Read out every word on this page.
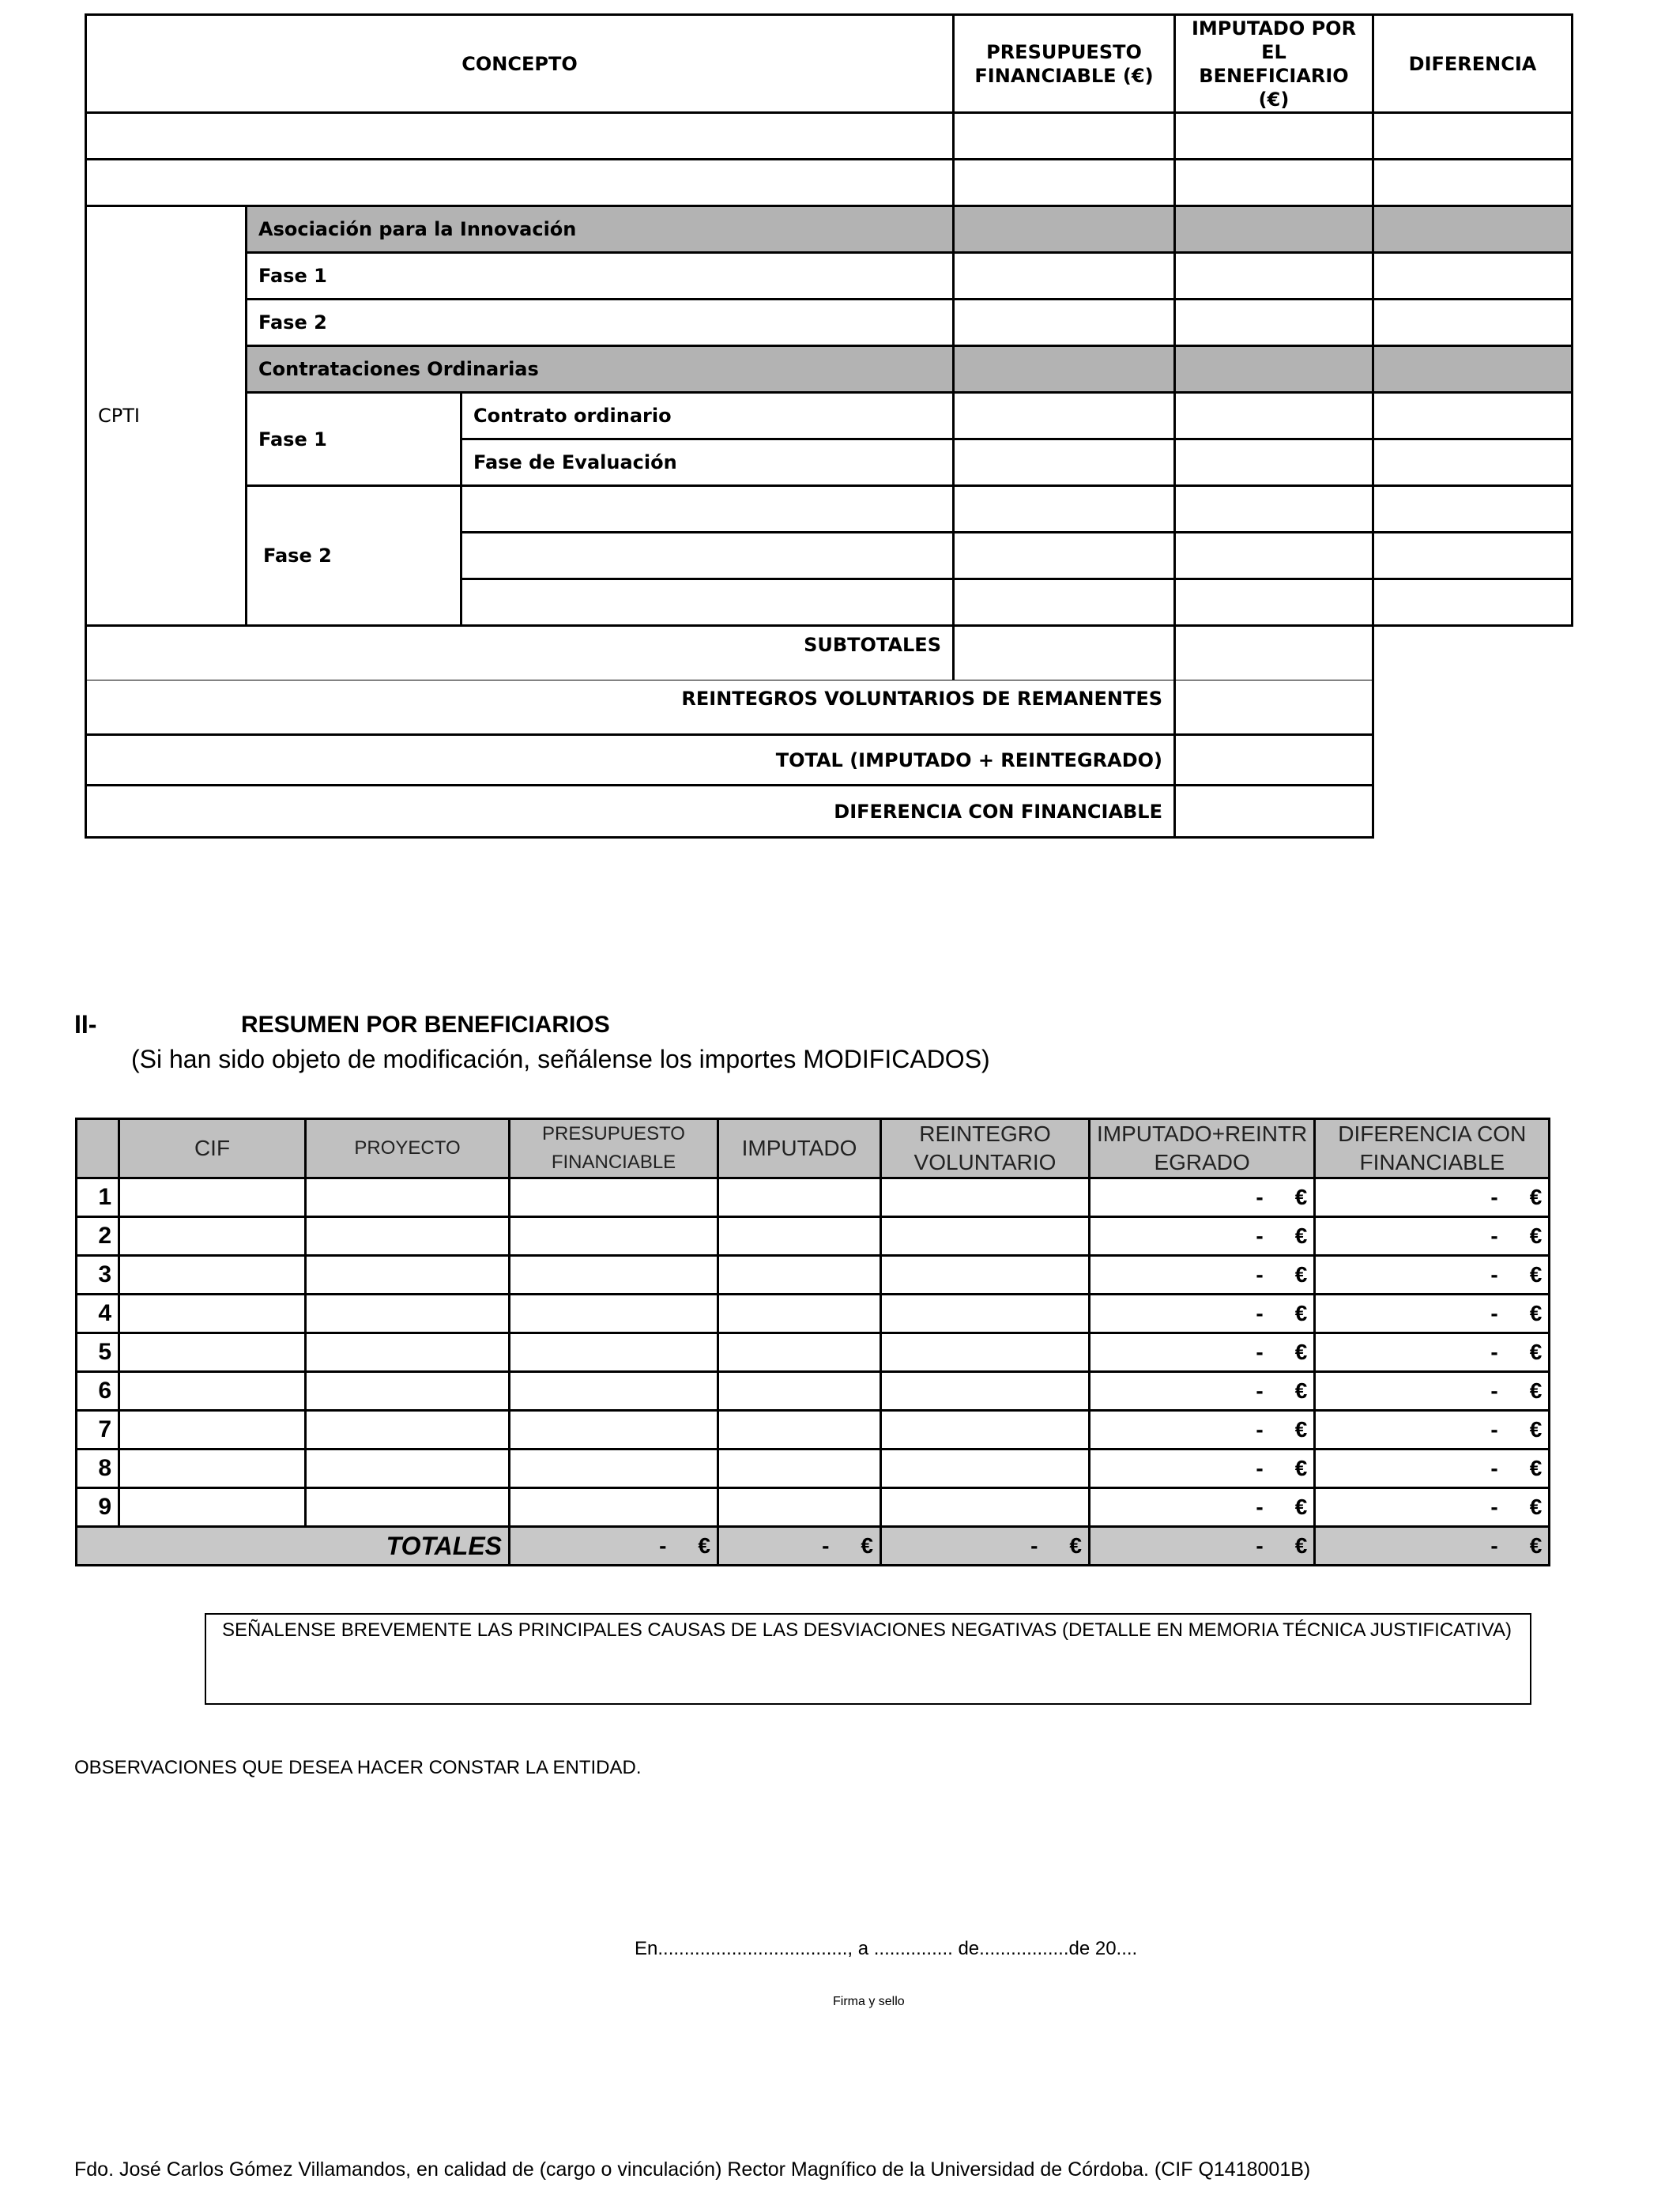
CONCEPTO			PRESUPUESTO FINANCIABLE (€)	IMPUTADO POR EL BENEFICIARIO (€)	DIFERENCIA

CPTI	Asociación para la Innovación				
	Fase 1				
	Fase 2				
	Contrataciones Ordinarias				
	Fase 1	Contrato ordinario			
		Fase de Evaluación			
	Fase 2				

SUBTOTALES					
REINTEGROS VOLUNTARIOS DE REMANENTES					
TOTAL (IMPUTADO + REINTEGRADO)					
DIFERENCIA CON FINANCIABLE					
II-	RESUMEN POR BENEFICIARIOS
(Si han sido objeto de modificación, señálense los importes MODIFICADOS)
	CIF	PROYECTO	PRESUPUESTO FINANCIABLE	IMPUTADO	REINTEGRO VOLUNTARIO	IMPUTADO+REINTR EGRADO	DIFERENCIA CON FINANCIABLE
1						- €	- €
2						- €	- €
3						- €	- €
4						- €	- €
5						- €	- €
6						- €	- €
7						- €	- €
8						- €	- €
9						- €	- €
TOTALES			- €	- €	- €	- €	- €
SEÑALENSE BREVEMENTE LAS PRINCIPALES CAUSAS DE LAS DESVIACIONES NEGATIVAS (DETALLE EN MEMORIA TÉCNICA JUSTIFICATIVA)
OBSERVACIONES QUE DESEA HACER CONSTAR LA ENTIDAD.
En...................................., a ............... de.................de 20....
Firma y sello
Fdo. José Carlos Gómez Villamandos, en calidad de (cargo o vinculación) Rector Magnífico de la Universidad de Córdoba. (CIF Q1418001B)
